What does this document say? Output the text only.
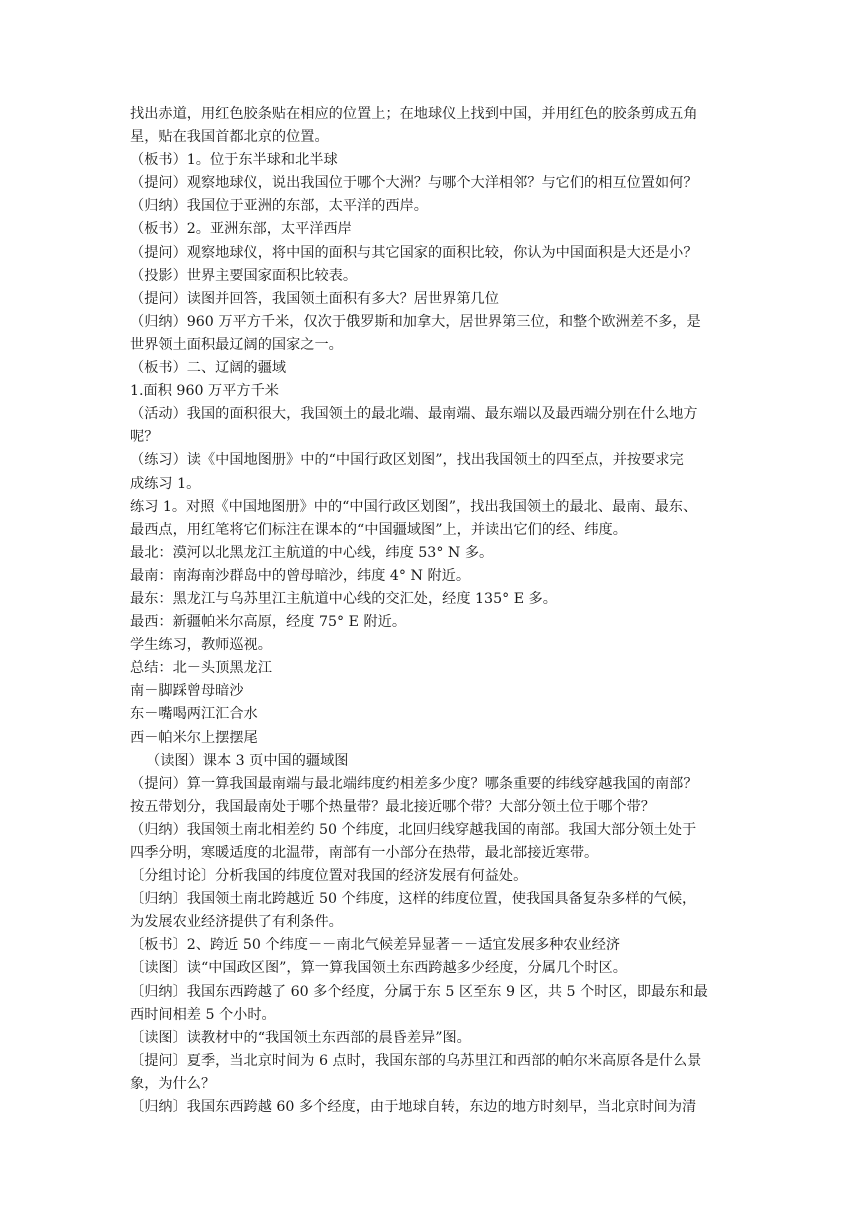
找出赤道，用红色胶条贴在相应的位置上；在地球仪上找到中国，并用红色的胶条剪成五角
星，贴在我国首都北京的位置。
（板书）1。位于东半球和北半球
（提问）观察地球仪，说出我国位于哪个大洲？与哪个大洋相邻？与它们的相互位置如何？
（归纳）我国位于亚洲的东部，太平洋的西岸。
（板书）2。亚洲东部，太平洋西岸
（提问）观察地球仪，将中国的面积与其它国家的面积比较，你认为中国面积是大还是小？
（投影）世界主要国家面积比较表。
（提问）读图并回答，我国领土面积有多大？居世界第几位
（归纳）960 万平方千米，仅次于俄罗斯和加拿大，居世界第三位，和整个欧洲差不多，是
世界领土面积最辽阔的国家之一。
（板书）二、辽阔的疆域
1.面积 960 万平方千米
（活动）我国的面积很大，我国领土的最北端、最南端、最东端以及最西端分别在什么地方
呢？
（练习）读《中国地图册》中的“中国行政区划图”，找出我国领土的四至点，并按要求完
成练习 1。
练习 1。对照《中国地图册》中的“中国行政区划图”，找出我国领土的最北、最南、最东、
最西点，用红笔将它们标注在课本的“中国疆域图”上，并读出它们的经、纬度。
最北：漠河以北黑龙江主航道的中心线，纬度 53° N 多。
最南：南海南沙群岛中的曾母暗沙，纬度 4° N 附近。
最东：黑龙江与乌苏里江主航道中心线的交汇处，经度 135° E 多。
最西：新疆帕米尔高原，经度 75° E 附近。
学生练习，教师巡视。
总结：北－头顶黑龙江
南－脚踩曾母暗沙
东－嘴喝两江汇合水
西－帕米尔上摆摆尾
（读图）课本 3 页中国的疆域图
（提问）算一算我国最南端与最北端纬度约相差多少度？哪条重要的纬线穿越我国的南部？
按五带划分，我国最南处于哪个热量带？最北接近哪个带？大部分领土位于哪个带？
（归纳）我国领土南北相差约 50 个纬度，北回归线穿越我国的南部。我国大部分领土处于
四季分明，寒暖适度的北温带，南部有一小部分在热带，最北部接近寒带。
〔分组讨论〕分析我国的纬度位置对我国的经济发展有何益处。
〔归纳〕我国领土南北跨越近 50 个纬度，这样的纬度位置，使我国具备复杂多样的气候，
为发展农业经济提供了有利条件。
〔板书〕2、跨近 50 个纬度－－南北气候差异显著－－适宜发展多种农业经济
〔读图〕读“中国政区图”，算一算我国领土东西跨越多少经度，分属几个时区。
〔归纳〕我国东西跨越了 60 多个经度，分属于东 5 区至东 9 区，共 5 个时区，即最东和最
西时间相差 5 个小时。
〔读图〕读教材中的“我国领土东西部的晨昏差异”图。
〔提问〕夏季，当北京时间为 6 点时，我国东部的乌苏里江和西部的帕尔米高原各是什么景
象，为什么？
〔归纳〕我国东西跨越 60 多个经度，由于地球自转，东边的地方时刻早，当北京时间为清
